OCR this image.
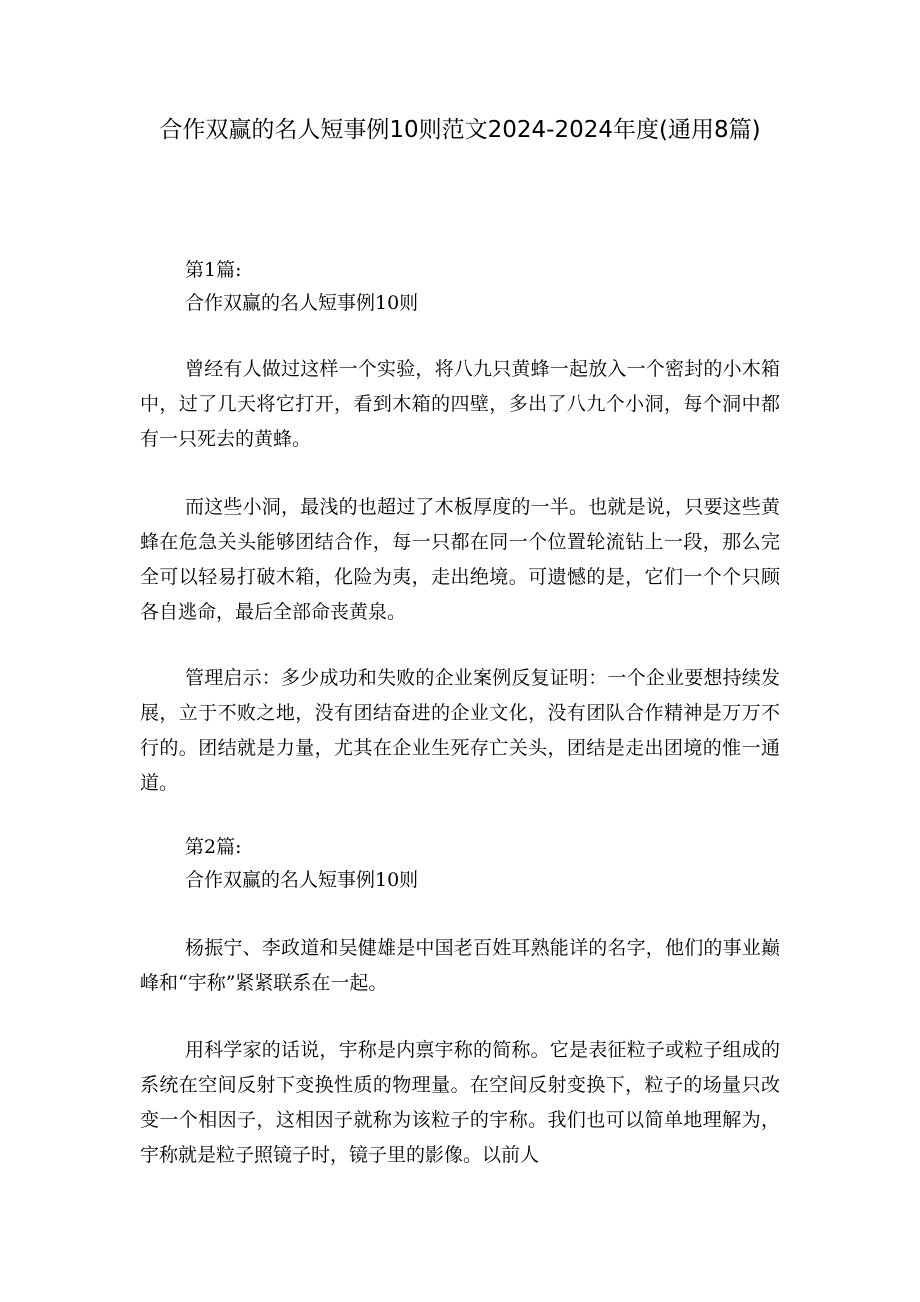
合作双赢的名人短事例10则范文2024-2024年度(通用8篇)

第1篇:

合作双赢的名人短事例10则

曾经有人做过这样一个实验，将八九只黄蜂一起放入一个密封的小木箱中，过了几天将它打开，看到木箱的四壁，多出了八九个小洞，每个洞中都有一只死去的黄蜂。

而这些小洞，最浅的也超过了木板厚度的一半。也就是说，只要这些黄蜂在危急关头能够团结合作，每一只都在同一个位置轮流钻上一段，那么完全可以轻易打破木箱，化险为夷，走出绝境。可遗憾的是，它们一个个只顾各自逃命，最后全部命丧黄泉。

管理启示：多少成功和失败的企业案例反复证明：一个企业要想持续发展，立于不败之地，没有团结奋进的企业文化，没有团队合作精神是万万不行的。团结就是力量，尤其在企业生死存亡关头，团结是走出团境的惟一通道。

第2篇:

合作双赢的名人短事例10则

杨振宁、李政道和吴健雄是中国老百姓耳熟能详的名字，他们的事业巅峰和“宇称”紧紧联系在一起。

用科学家的话说，宇称是内禀宇称的简称。它是表征粒子或粒子组成的系统在空间反射下变换性质的物理量。在空间反射变换下，粒子的场量只改变一个相因子，这相因子就称为该粒子的宇称。我们也可以简单地理解为，宇称就是粒子照镜子时，镜子里的影像。以前人
